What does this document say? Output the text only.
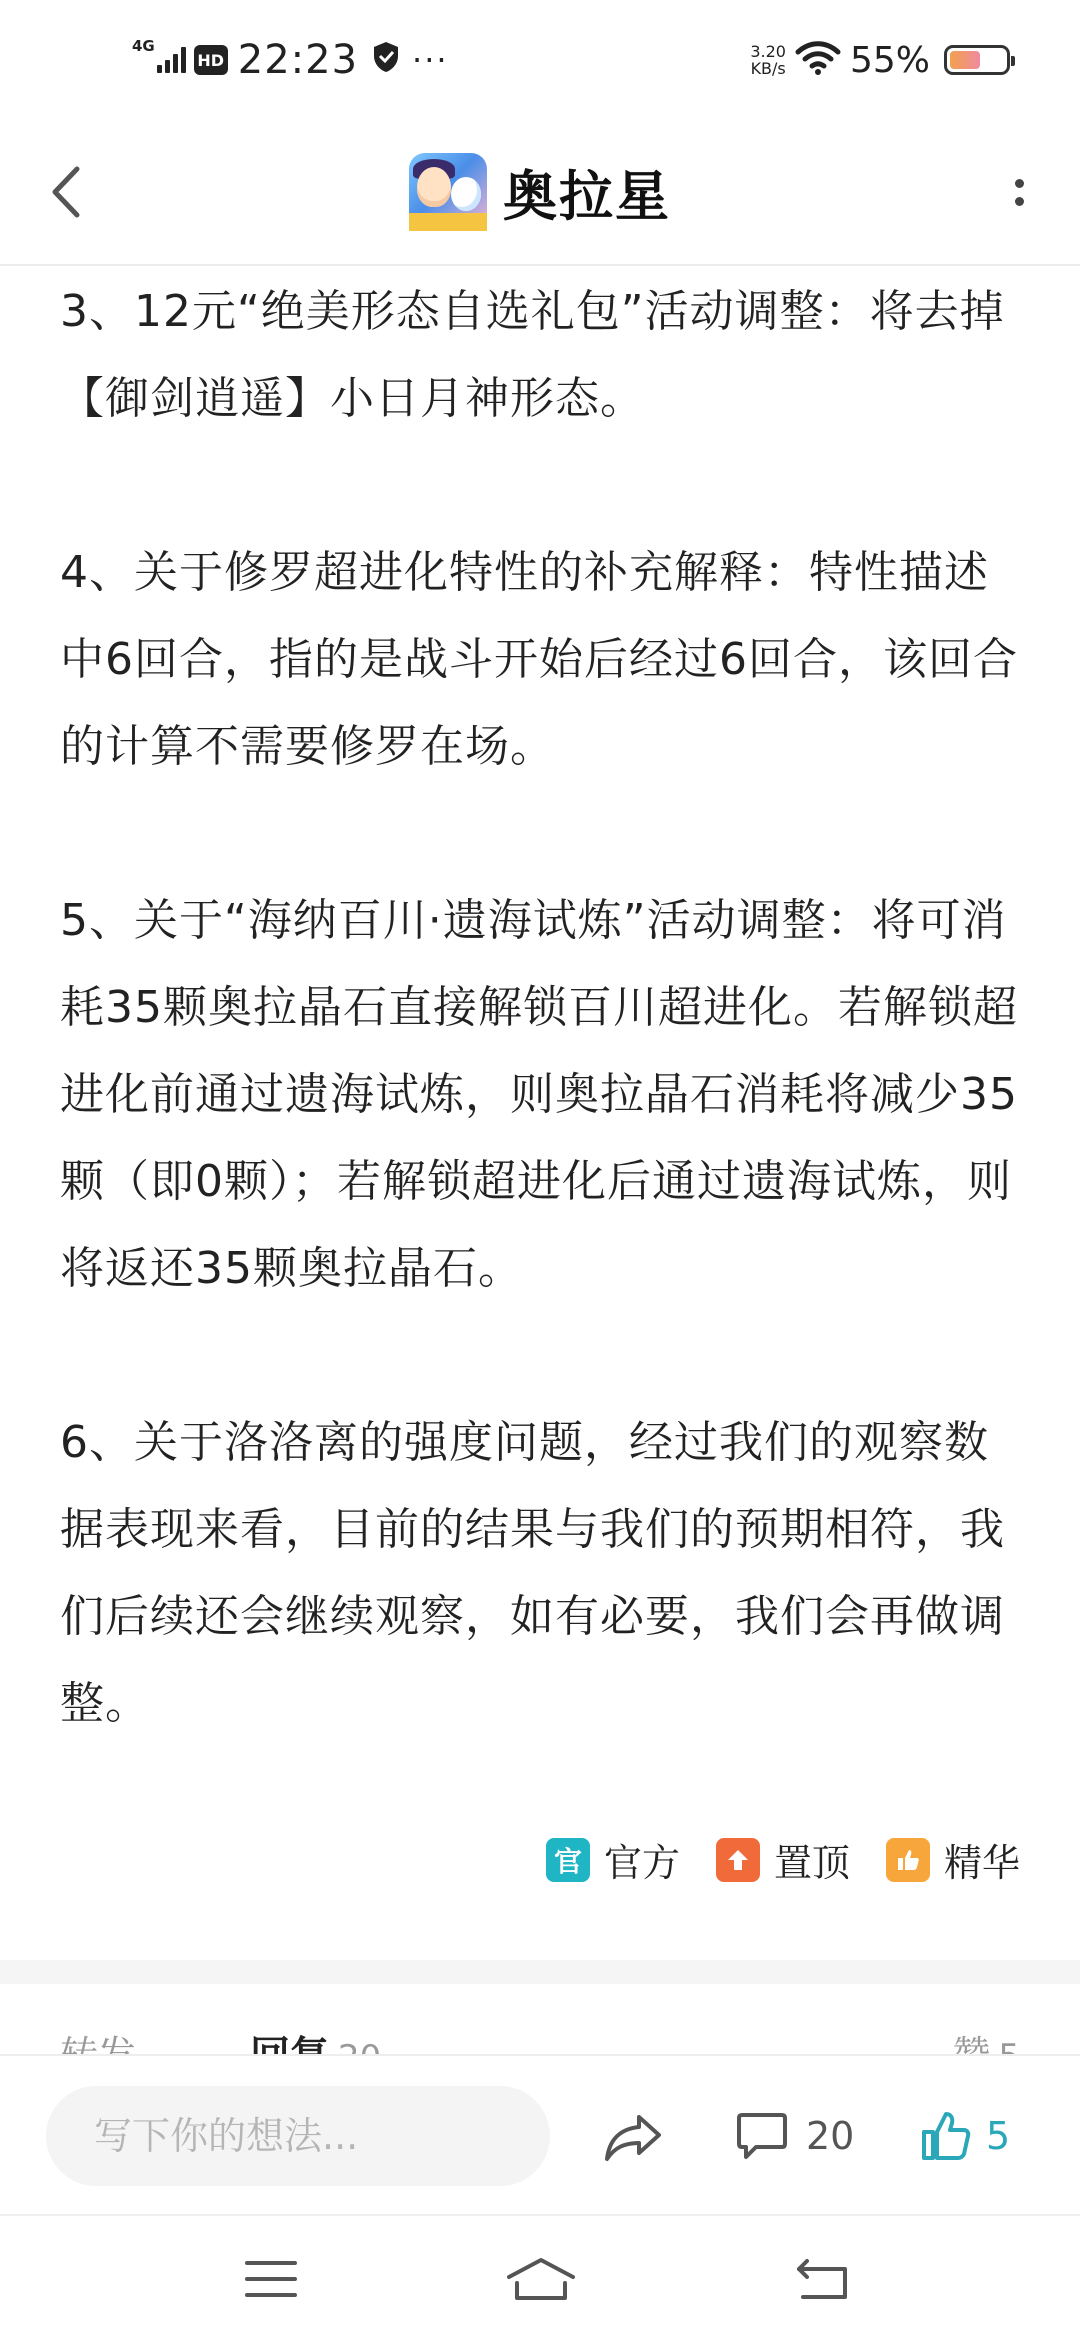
4G
HD 22:23 ···	3.20
KB/s 55%
奥拉星

3、12元“绝美形态自选礼包”活动调整：将去掉【御剑逍遥】小日月神形态。

4、关于修罗超进化特性的补充解释：特性描述中6回合，指的是战斗开始后经过6回合，该回合的计算不需要修罗在场。

5、关于“海纳百川·遗海试炼”活动调整：将可消耗35颗奥拉晶石直接解锁百川超进化。若解锁超进化前通过遗海试炼，则奥拉晶石消耗将减少35颗（即0颗）；若解锁超进化后通过遗海试炼，则将返还35颗奥拉晶石。

6、关于洛洛离的强度问题，经过我们的观察数据表现来看，目前的结果与我们的预期相符，我们后续还会继续观察，如有必要，我们会再做调整。

官 官方 置顶 精华
写下你的想法...
20	5
